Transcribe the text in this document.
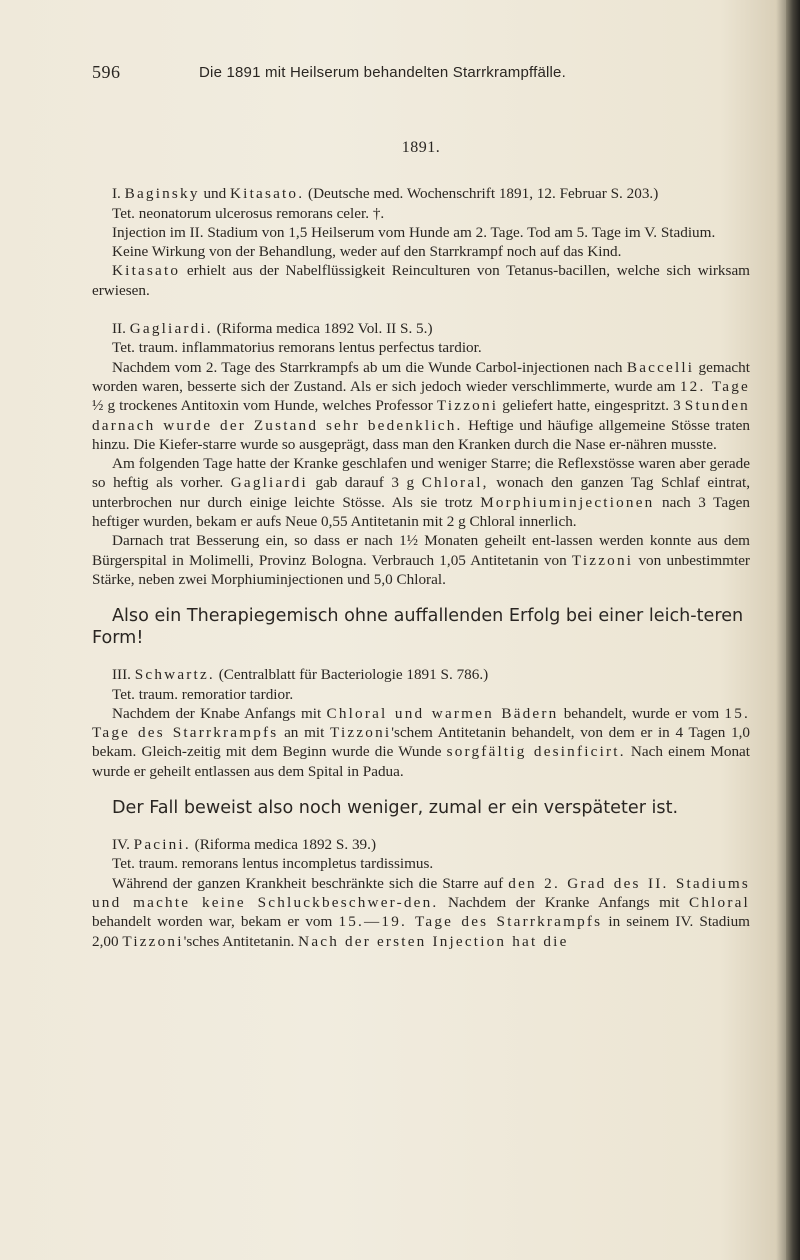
596	Die 1891 mit Heilserum behandelten Starrkrampffälle.
1891.

I. Baginsky und Kitasato. (Deutsche med. Wochenschrift 1891, 12. Februar S. 203.)

Tet. neonatorum ulcerosus remorans celer. †.

Injection im II. Stadium von 1,5 Heilserum vom Hunde am 2. Tage. Tod am 5. Tage im V. Stadium.

Keine Wirkung von der Behandlung, weder auf den Starrkrampf noch auf das Kind.

Kitasato erhielt aus der Nabelflüssigkeit Reinculturen von Tetanus-bacillen, welche sich wirksam erwiesen.

II. Gagliardi. (Riforma medica 1892 Vol. II S. 5.)

Tet. traum. inflammatorius remorans lentus perfectus tardior.

Nachdem vom 2. Tage des Starrkrampfs ab um die Wunde Carbol-injectionen nach Baccelli gemacht worden waren, besserte sich der Zustand. Als er sich jedoch wieder verschlimmerte, wurde am 12. Tage ½ g trockenes Antitoxin vom Hunde, welches Professor Tizzoni geliefert hatte, eingespritzt. 3 Stunden darnach wurde der Zustand sehr bedenklich. Heftige und häufige allgemeine Stösse traten hinzu. Die Kiefer-starre wurde so ausgeprägt, dass man den Kranken durch die Nase er-nähren musste.

Am folgenden Tage hatte der Kranke geschlafen und weniger Starre; die Reflexstösse waren aber gerade so heftig als vorher. Gagliardi gab darauf 3 g Chloral, wonach den ganzen Tag Schlaf eintrat, unterbrochen nur durch einige leichte Stösse. Als sie trotz Morphiuminjectionen nach 3 Tagen heftiger wurden, bekam er aufs Neue 0,55 Antitetanin mit 2 g Chloral innerlich.

Darnach trat Besserung ein, so dass er nach 1½ Monaten geheilt ent-lassen werden konnte aus dem Bürgerspital in Molimelli, Provinz Bologna. Verbrauch 1,05 Antitetanin von Tizzoni von unbestimmter Stärke, neben zwei Morphiuminjectionen und 5,0 Chloral.

Also ein Therapiegemisch ohne auffallenden Erfolg bei einer leich-teren Form!

III. Schwartz. (Centralblatt für Bacteriologie 1891 S. 786.)

Tet. traum. remoratior tardior.

Nachdem der Knabe Anfangs mit Chloral und warmen Bädern behandelt, wurde er vom 15. Tage des Starrkrampfs an mit Tizzoni'schem Antitetanin behandelt, von dem er in 4 Tagen 1,0 bekam. Gleich-zeitig mit dem Beginn wurde die Wunde sorgfältig desinficirt. Nach einem Monat wurde er geheilt entlassen aus dem Spital in Padua.

Der Fall beweist also noch weniger, zumal er ein verspäteter ist.

IV. Pacini. (Riforma medica 1892 S. 39.)

Tet. traum. remorans lentus incompletus tardissimus.

Während der ganzen Krankheit beschränkte sich die Starre auf den 2. Grad des II. Stadiums und machte keine Schluckbeschwer-den. Nachdem der Kranke Anfangs mit Chloral behandelt worden war, bekam er vom 15.—19. Tage des Starrkrampfs in seinem IV. Stadium 2,00 Tizzoni'sches Antitetanin. Nach der ersten Injection hat die
